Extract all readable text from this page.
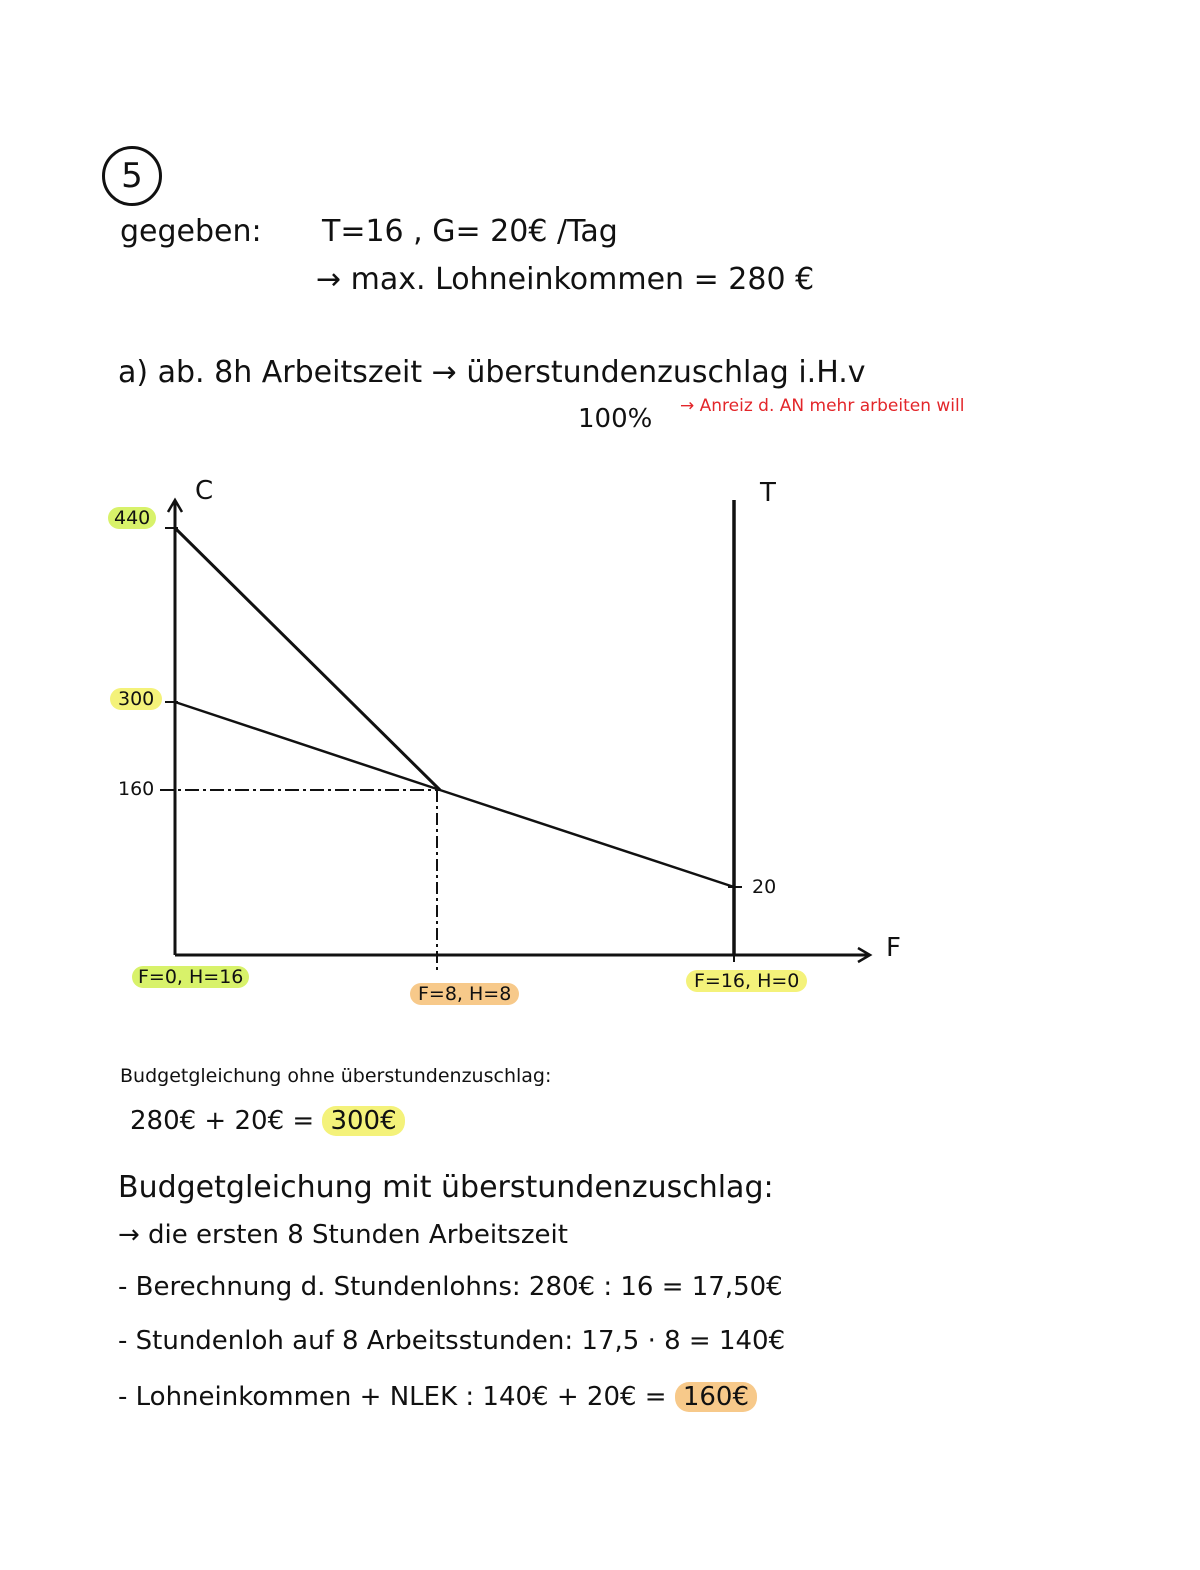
5
gegeben: T=16 , G= 20€ /Tag
→ max. Lohneinkommen = 280 €
a) ab. 8h Arbeitszeit → überstundenzuschlag i.H.v
100% → Anreiz d. AN mehr arbeiten will
C	T
F
440
300
160
20
F=0, H=16
F=8, H=8
F=16, H=0
Budgetgleichung ohne überstundenzuschlag:
280€ + 20€ = 300€
Budgetgleichung mit überstundenzuschlag:
→ die ersten 8 Stunden Arbeitszeit
- Berechnung d. Stundenlohns: 280€ : 16 = 17,50€
- Stundenloh auf 8 Arbeitsstunden: 17,5 · 8 = 140€
- Lohneinkommen + NLEK : 140€ + 20€ = 160€
